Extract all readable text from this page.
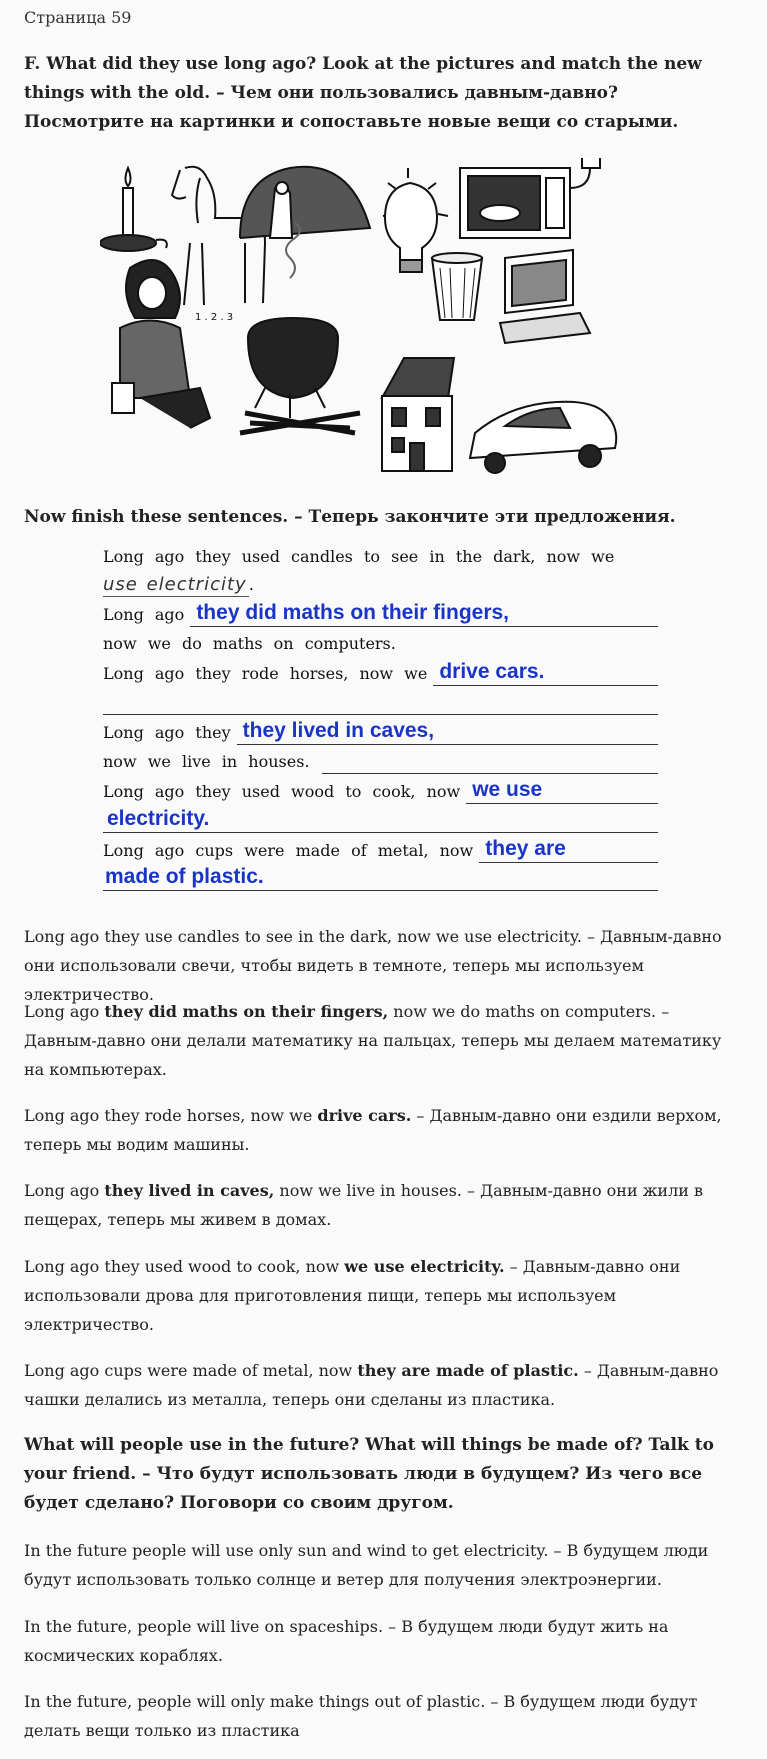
Страница 59
F. What did they use long ago? Look at the pictures and match the new things with the old. – Чем они пользовались давным-давно? Посмотрите на картинки и сопоставьте новые вещи со старыми.
1 . 2 . 3
Now finish these sentences. – Теперь закончите эти предложения.
Long ago they used candles to see in the dark, now we
use electricity .
Long ago they did maths on their fingers,
now we do maths on computers.
Long ago they rode horses, now we drive cars.
Long ago they they lived in caves,
now we live in houses.
Long ago they used wood to cook, now we use
electricity.
Long ago cups were made of metal, now they are
made of plastic.
Long ago they use candles to see in the dark, now we use electricity. – Давным-давно они использовали свечи, чтобы видеть в темноте, теперь мы используем электричество.
Long ago they did maths on their fingers, now we do maths on computers. – Давным-давно они делали математику на пальцах, теперь мы делаем математику на компьютерах.
Long ago they rode horses, now we drive cars. – Давным-давно они ездили верхом, теперь мы водим машины.
Long ago they lived in caves, now we live in houses. – Давным-давно они жили в пещерах, теперь мы живем в домах.
Long ago they used wood to cook, now we use electricity. – Давным-давно они использовали дрова для приготовления пищи, теперь мы используем электричество.
Long ago cups were made of metal, now they are made of plastic. – Давным-давно чашки делались из металла, теперь они сделаны из пластика.
What will people use in the future? What will things be made of? Talk to your friend. – Что будут использовать люди в будущем? Из чего все будет сделано? Поговори со своим другом.
In the future people will use only sun and wind to get electricity. – В будущем люди будут использовать только солнце и ветер для получения электроэнергии.
In the future, people will live on spaceships. – В будущем люди будут жить на космических кораблях.
In the future, people will only make things out of plastic. – В будущем люди будут делать вещи только из пластика
